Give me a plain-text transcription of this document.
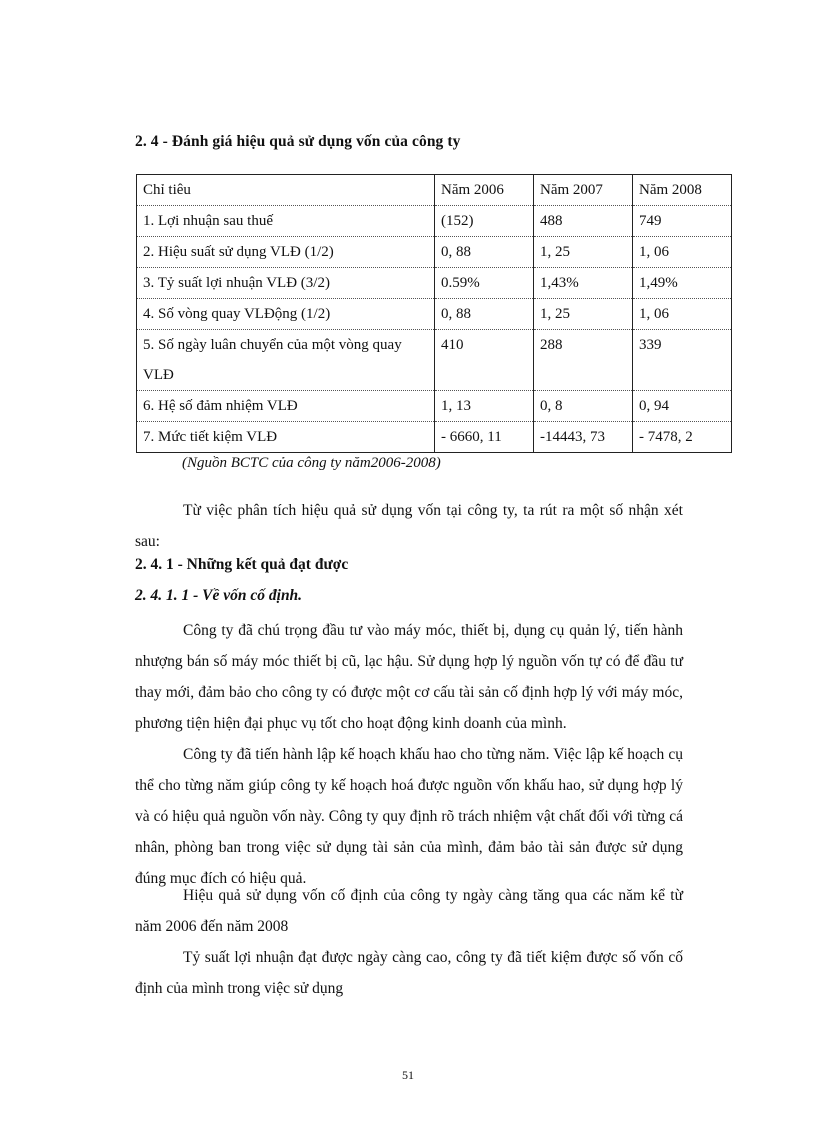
2. 4 - Đánh giá hiệu quả sử dụng vốn của công ty
Chỉ tiêu	Năm 2006	Năm 2007	Năm 2008
1. Lợi nhuận sau thuế	(152)	488	749
2. Hiệu suất sử dụng VLĐ (1/2)	0, 88	1, 25	1, 06
3. Tỷ suất lợi nhuận VLĐ (3/2)	0.59%	1,43%	1,49%
4. Số vòng quay VLĐộng (1/2)	0, 88	1, 25	1, 06
5. Số ngày luân chuyển của một vòng quay VLĐ	410	288	339
6. Hệ số đảm nhiệm VLĐ	1, 13	0, 8	0, 94
7. Mức tiết kiệm VLĐ	- 6660, 11	-14443, 73	- 7478, 2
(Nguồn BCTC của công ty năm2006-2008)

Từ việc phân tích hiệu quả sử dụng vốn tại công ty, ta rút ra một số nhận xét sau:

2. 4. 1 - Những kết quả đạt được
2. 4. 1. 1 - Về vốn cố định.

Công ty đã chú trọng đầu tư vào máy móc, thiết bị, dụng cụ quản lý, tiến hành nhượng bán số máy móc thiết bị cũ, lạc hậu. Sử dụng hợp lý nguồn vốn tự có để đầu tư thay mới, đảm bảo cho công ty có được một cơ cấu tài sản cố định hợp lý với máy móc, phương tiện hiện đại phục vụ tốt cho hoạt động kinh doanh của mình.

Công ty đã tiến hành lập kế hoạch khấu hao cho từng năm. Việc lập kế hoạch cụ thể cho từng năm giúp công ty kế hoạch hoá được nguồn vốn khấu hao, sử dụng hợp lý và có hiệu quả nguồn vốn này. Công ty quy định rõ trách nhiệm vật chất đối với từng cá nhân, phòng ban trong việc sử dụng tài sản của mình, đảm bảo tài sản được sử dụng đúng mục đích có hiệu quả.

Hiệu quả sử dụng vốn cố định của công ty ngày càng tăng qua các năm kể từ năm 2006 đến năm 2008

Tỷ suất lợi nhuận đạt được ngày càng cao, công ty đã tiết kiệm được số vốn cố định của mình trong việc sử dụng

51
